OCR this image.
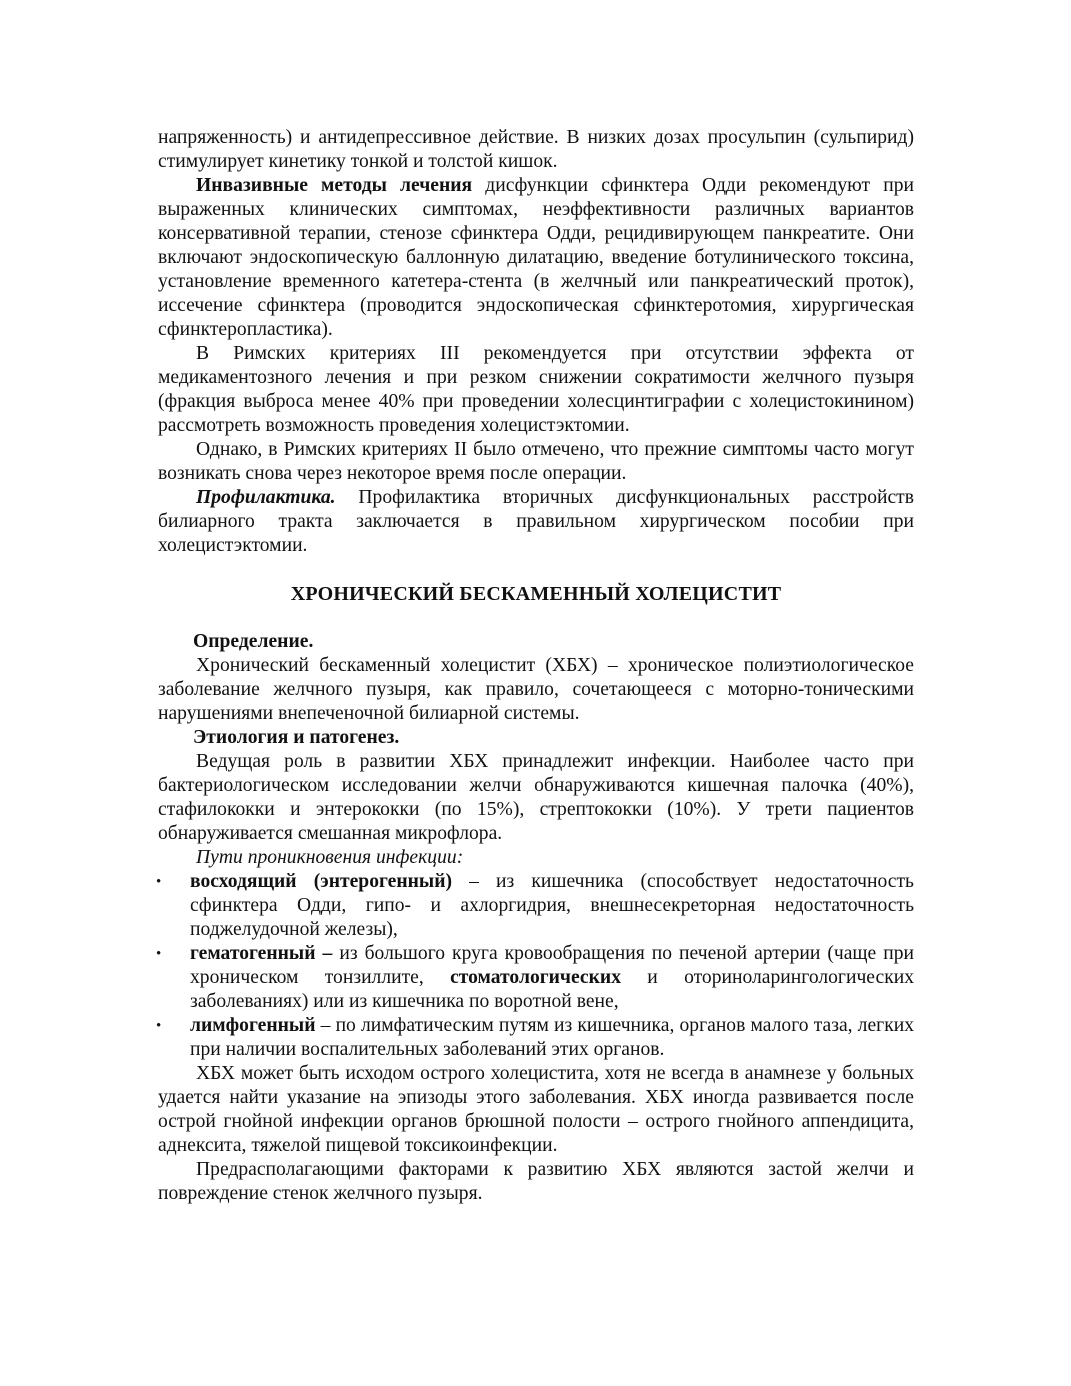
напряженность) и антидепрессивное действие. В низких дозах просульпин (сульпирид) стимулирует кинетику тонкой и толстой кишок.

Инвазивные методы лечения дисфункции сфинктера Одди рекомендуют при выраженных клинических симптомах, неэффективности различных вариантов консервативной терапии, стенозе сфинктера Одди, рецидивирующем панкреатите. Они включают эндоскопическую баллонную дилатацию, введение ботулинического токсина, установление временного катетера-стента (в желчный или панкреатический проток), иссечение сфинктера (проводится эндоскопическая сфинктеротомия, хирургическая сфинктеропластика).

В Римских критериях III рекомендуется при отсутствии эффекта от медикаментозного лечения и при резком снижении сократимости желчного пузыря (фракция выброса менее 40% при проведении холесцинтиграфии с холецистокинином) рассмотреть возможность проведения холецистэктомии.

Однако, в Римских критериях II было отмечено, что прежние симптомы часто могут возникать снова через некоторое время после операции.

Профилактика. Профилактика вторичных дисфункциональных расстройств билиарного тракта заключается в правильном хирургическом пособии при холецистэктомии.

ХРОНИЧЕСКИЙ БЕСКАМЕННЫЙ ХОЛЕЦИСТИТ

Определение.

Хронический бескаменный холецистит (ХБХ) – хроническое полиэтиологическое заболевание желчного пузыря, как правило, сочетающееся с моторно-тоническими нарушениями внепеченочной билиарной системы.

Этиология и патогенез.

Ведущая роль в развитии ХБХ принадлежит инфекции. Наиболее часто при бактериологическом исследовании желчи обнаруживаются кишечная палочка (40%), стафилококки и энтерококки (по 15%), стрептококки (10%). У трети пациентов обнаруживается смешанная микрофлора.

Пути проникновения инфекции:

• восходящий (энтерогенный) – из кишечника (способствует недостаточность сфинктера Одди, гипо- и ахлоргидрия, внешнесекреторная недостаточность поджелудочной железы),
• гематогенный – из большого круга кровообращения по печеной артерии (чаще при хроническом тонзиллите, стоматологических и оториноларингологических заболеваниях) или из кишечника по воротной вене,
• лимфогенный – по лимфатическим путям из кишечника, органов малого таза, легких при наличии воспалительных заболеваний этих органов.

ХБХ может быть исходом острого холецистита, хотя не всегда в анамнезе у больных удается найти указание на эпизоды этого заболевания. ХБХ иногда развивается после острой гнойной инфекции органов брюшной полости – острого гнойного аппендицита, аднексита, тяжелой пищевой токсикоинфекции.

Предрасполагающими факторами к развитию ХБХ являются застой желчи и повреждение стенок желчного пузыря.
